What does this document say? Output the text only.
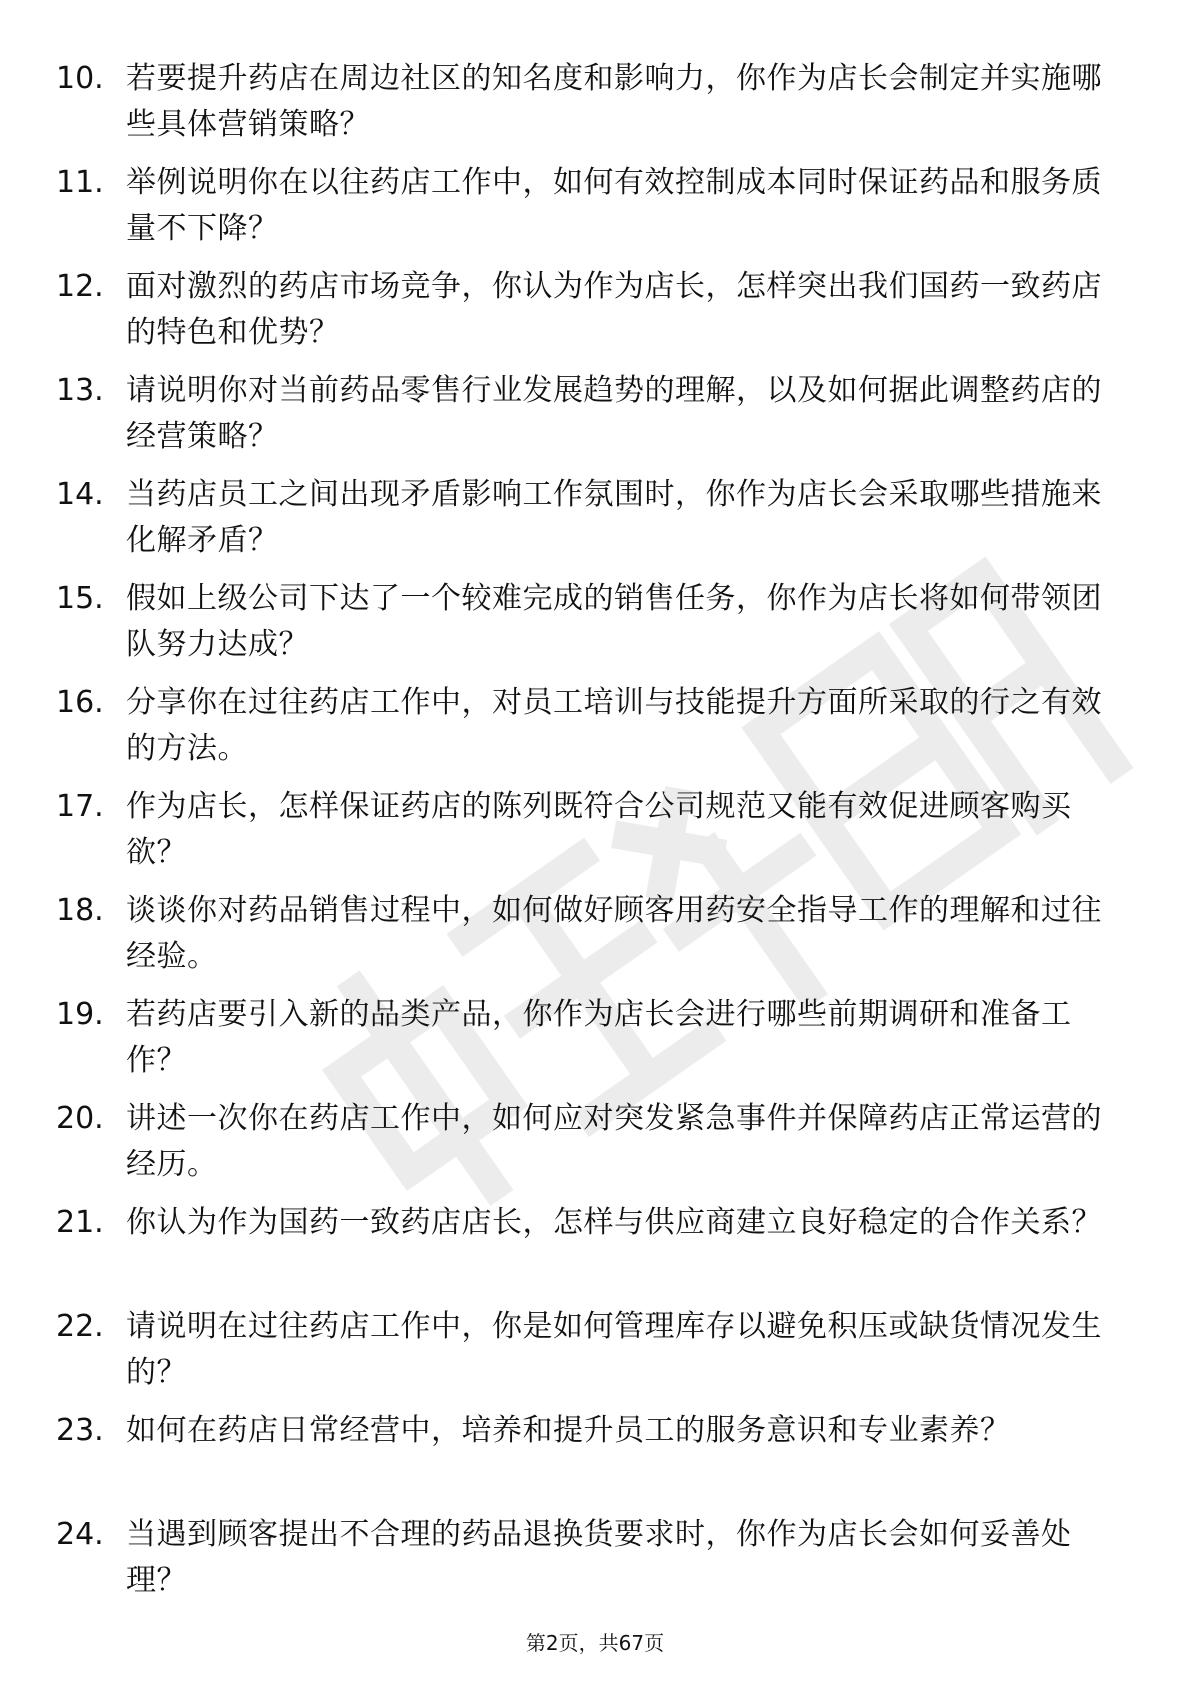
10. 若要提升药店在周边社区的知名度和影响力，你作为店长会制定并实施哪些具体营销策略？
11. 举例说明你在以往药店工作中，如何有效控制成本同时保证药品和服务质量不下降？
12. 面对激烈的药店市场竞争，你认为作为店长，怎样突出我们国药一致药店的特色和优势？
13. 请说明你对当前药品零售行业发展趋势的理解，以及如何据此调整药店的经营策略？
14. 当药店员工之间出现矛盾影响工作氛围时，你作为店长会采取哪些措施来化解矛盾？
15. 假如上级公司下达了一个较难完成的销售任务，你作为店长将如何带领团队努力达成？
16. 分享你在过往药店工作中，对员工培训与技能提升方面所采取的行之有效的方法。
17. 作为店长，怎样保证药店的陈列既符合公司规范又能有效促进顾客购买欲？
18. 谈谈你对药品销售过程中，如何做好顾客用药安全指导工作的理解和过往经验。
19. 若药店要引入新的品类产品，你作为店长会进行哪些前期调研和准备工作？
20. 讲述一次你在药店工作中，如何应对突发紧急事件并保障药店正常运营的经历。
21. 你认为作为国药一致药店店长，怎样与供应商建立良好稳定的合作关系？
22. 请说明在过往药店工作中，你是如何管理库存以避免积压或缺货情况发生的？
23. 如何在药店日常经营中，培养和提升员工的服务意识和专业素养？
24. 当遇到顾客提出不合理的药品退换货要求时，你作为店长会如何妥善处理？
第2页，共67页
